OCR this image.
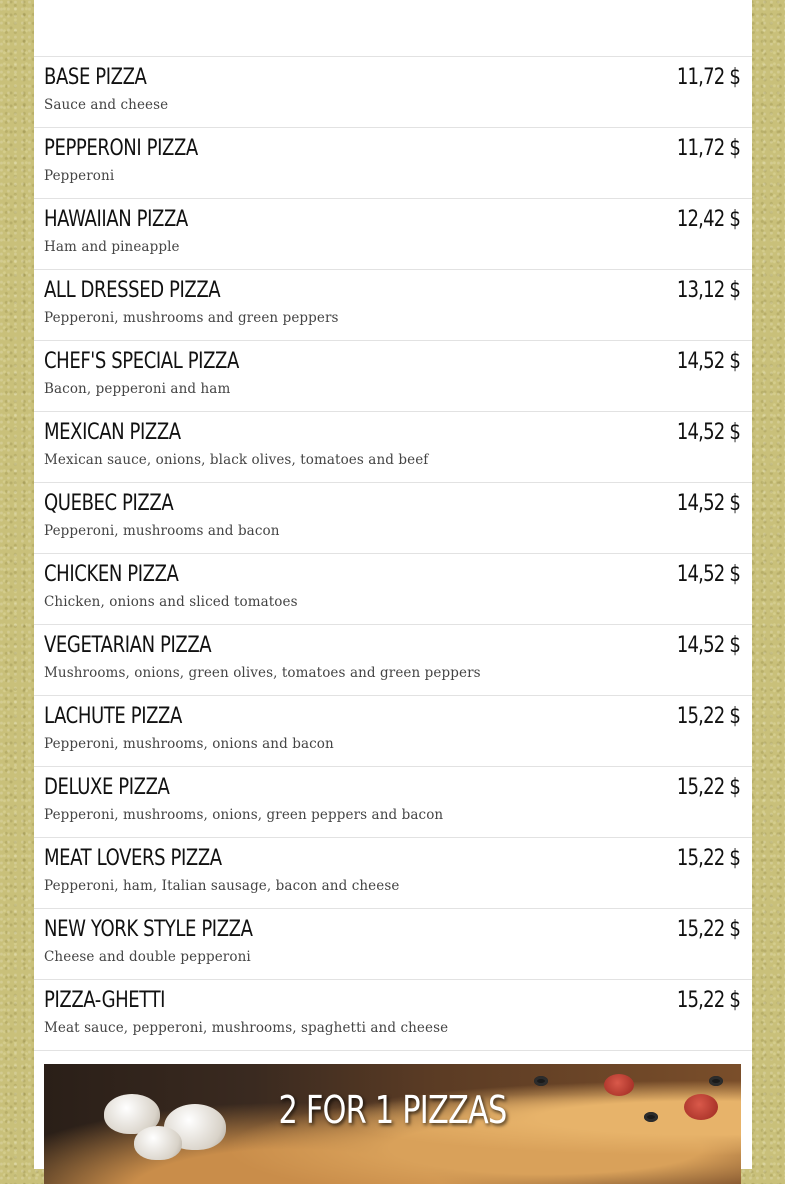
BASE PIZZA
Sauce and cheese
11,72 $
PEPPERONI PIZZA
Pepperoni
11,72 $
HAWAIIAN PIZZA
Ham and pineapple
12,42 $
ALL DRESSED PIZZA
Pepperoni, mushrooms and green peppers
13,12 $
CHEF'S SPECIAL PIZZA
Bacon, pepperoni and ham
14,52 $
MEXICAN PIZZA
Mexican sauce, onions, black olives, tomatoes and beef
14,52 $
QUEBEC PIZZA
Pepperoni, mushrooms and bacon
14,52 $
CHICKEN PIZZA
Chicken, onions and sliced tomatoes
14,52 $
VEGETARIAN PIZZA
Mushrooms, onions, green olives, tomatoes and green peppers
14,52 $
LACHUTE PIZZA
Pepperoni, mushrooms, onions and bacon
15,22 $
DELUXE PIZZA
Pepperoni, mushrooms, onions, green peppers and bacon
15,22 $
MEAT LOVERS PIZZA
Pepperoni, ham, Italian sausage, bacon and cheese
15,22 $
NEW YORK STYLE PIZZA
Cheese and double pepperoni
15,22 $
PIZZA-GHETTI
Meat sauce, pepperoni, mushrooms, spaghetti and cheese
15,22 $
2 FOR 1 PIZZAS
